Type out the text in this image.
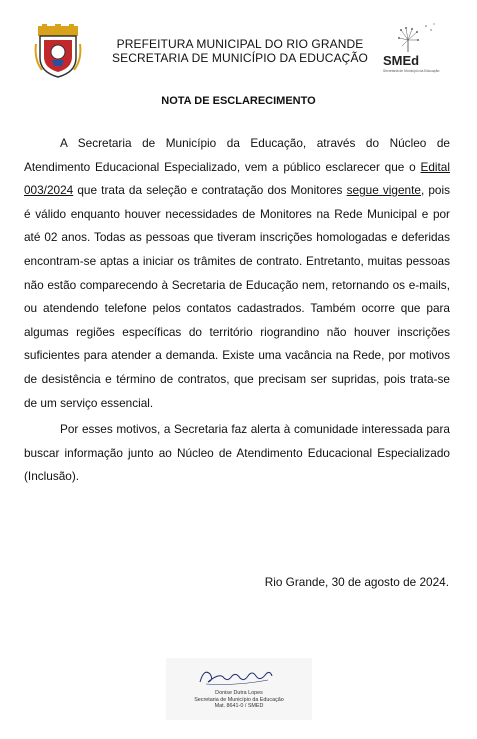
PREFEITURA MUNICIPAL DO RIO GRANDE
SECRETARIA DE MUNICÍPIO DA EDUCAÇÃO	SMEd
Secretaria de Município da Educação
NOTA DE ESCLARECIMENTO

A Secretaria de Município da Educação, através do Núcleo de Atendimento Educacional Especializado, vem a público esclarecer que o Edital 003/2024 que trata da seleção e contratação dos Monitores segue vigente, pois é válido enquanto houver necessidades de Monitores na Rede Municipal e por até 02 anos. Todas as pessoas que tiveram inscrições homologadas e deferidas encontram-se aptas a iniciar os trâmites de contrato. Entretanto, muitas pessoas não estão comparecendo à Secretaria de Educação nem, retornando os e-mails, ou atendendo telefone pelos contatos cadastrados. Também ocorre que para algumas regiões específicas do território riograndino não houver inscrições suficientes para atender a demanda. Existe uma vacância na Rede, por motivos de desistência e término de contratos, que precisam ser supridas, pois trata-se de um serviço essencial.

Por esses motivos, a Secretaria faz alerta à comunidade interessada para buscar informação junto ao Núcleo de Atendimento Educacional Especializado (Inclusão).

Rio Grande, 30 de agosto de 2024.
Donise Dutra Lopes
Secretaria de Município da Educação
Mat. 8641-0 / SMED
